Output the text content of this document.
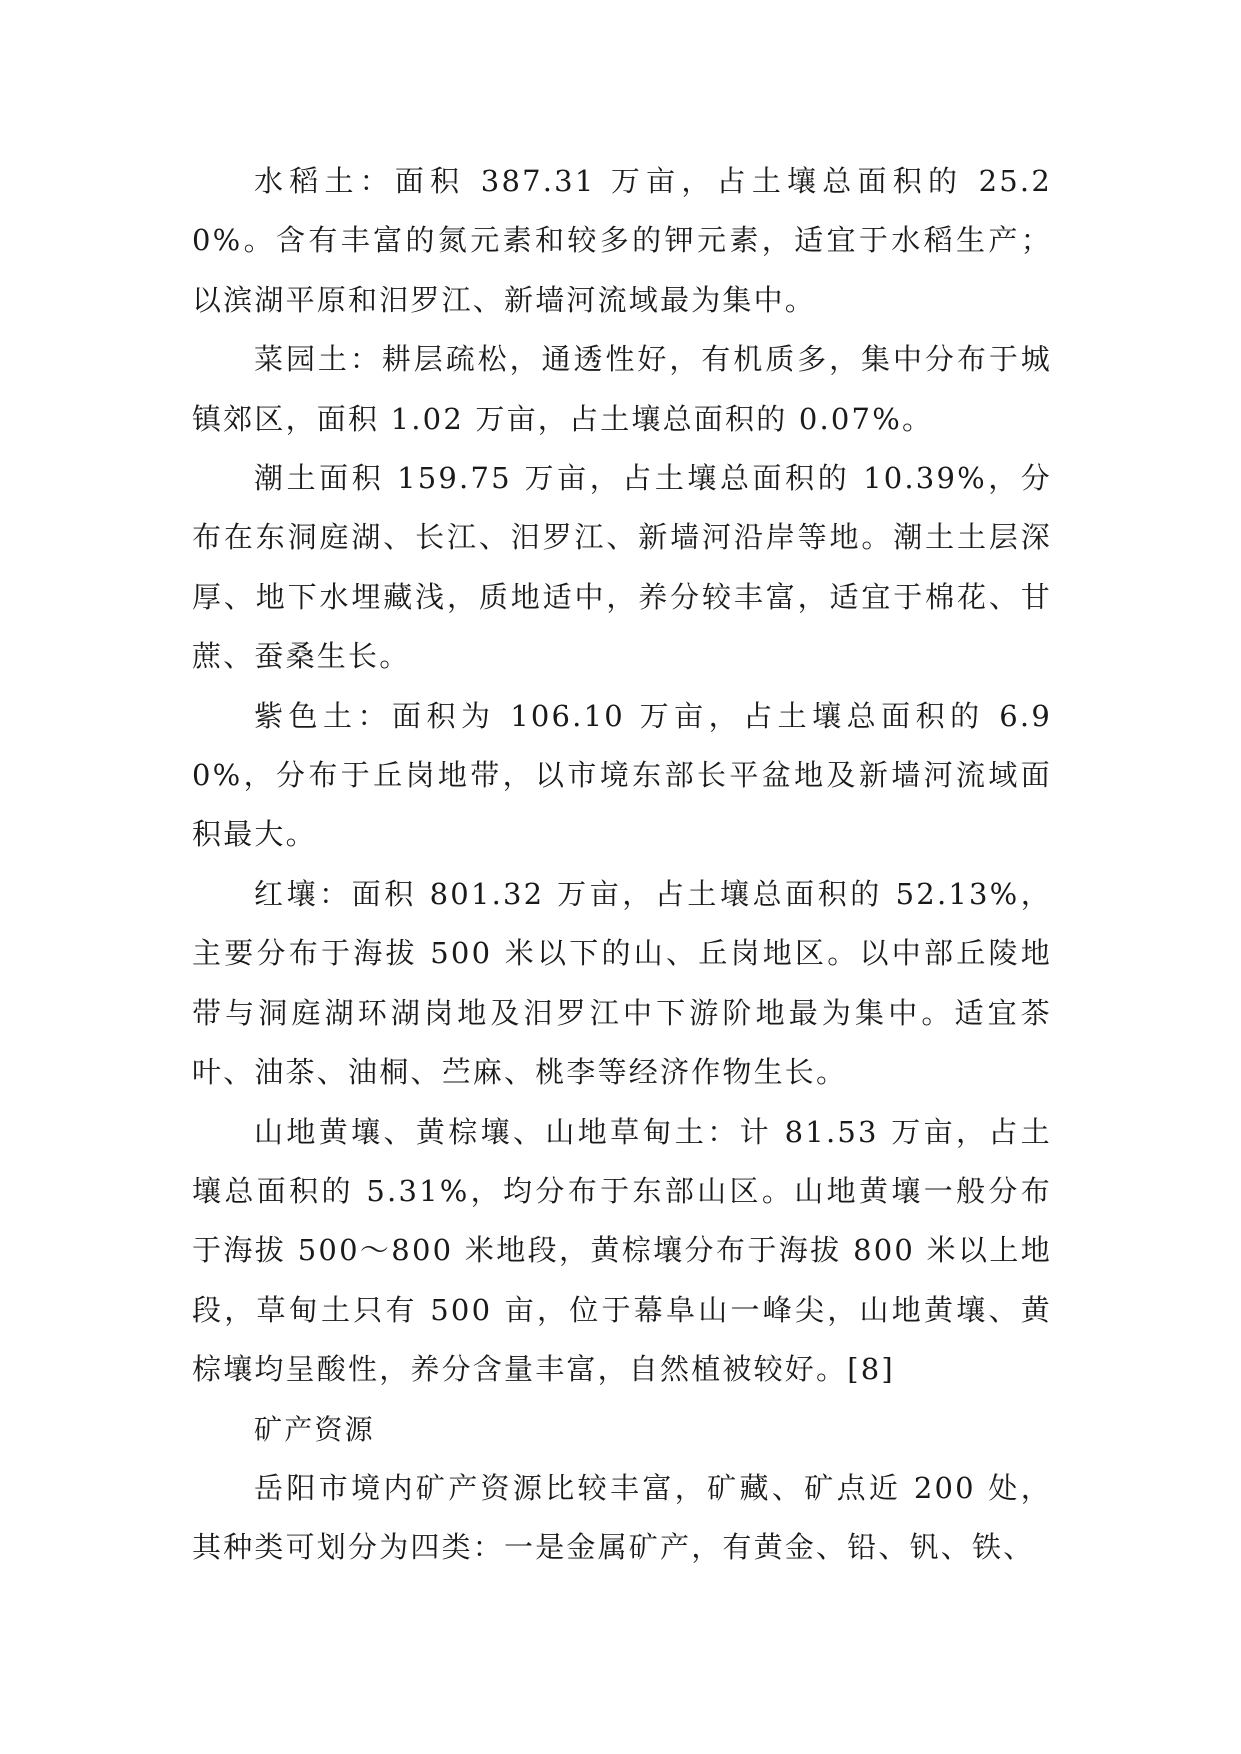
水稻土：面积 387.31 万亩，占土壤总面积的 25.20%。含有丰富的氮元素和较多的钾元素，适宜于水稻生产；以滨湖平原和汨罗江、新墙河流域最为集中。

菜园土：耕层疏松，通透性好，有机质多，集中分布于城镇郊区，面积 1.02 万亩，占土壤总面积的 0.07%。

潮土面积 159.75 万亩，占土壤总面积的 10.39%，分布在东洞庭湖、长江、汨罗江、新墙河沿岸等地。潮土土层深厚、地下水埋藏浅，质地适中，养分较丰富，适宜于棉花、甘蔗、蚕桑生长。

紫色土：面积为 106.10 万亩，占土壤总面积的 6.90%，分布于丘岗地带，以市境东部长平盆地及新墙河流域面积最大。

红壤：面积 801.32 万亩，占土壤总面积的 52.13%，主要分布于海拔 500 米以下的山、丘岗地区。以中部丘陵地带与洞庭湖环湖岗地及汨罗江中下游阶地最为集中。适宜茶叶、油茶、油桐、苎麻、桃李等经济作物生长。

山地黄壤、黄棕壤、山地草甸土：计 81.53 万亩，占土壤总面积的 5.31%，均分布于东部山区。山地黄壤一般分布于海拔 500～800 米地段，黄棕壤分布于海拔 800 米以上地段，草甸土只有 500 亩，位于幕阜山一峰尖，山地黄壤、黄棕壤均呈酸性，养分含量丰富，自然植被较好。[8]

矿产资源

岳阳市境内矿产资源比较丰富，矿藏、矿点近 200 处，其种类可划分为四类：一是金属矿产，有黄金、铅、钒、铁、
